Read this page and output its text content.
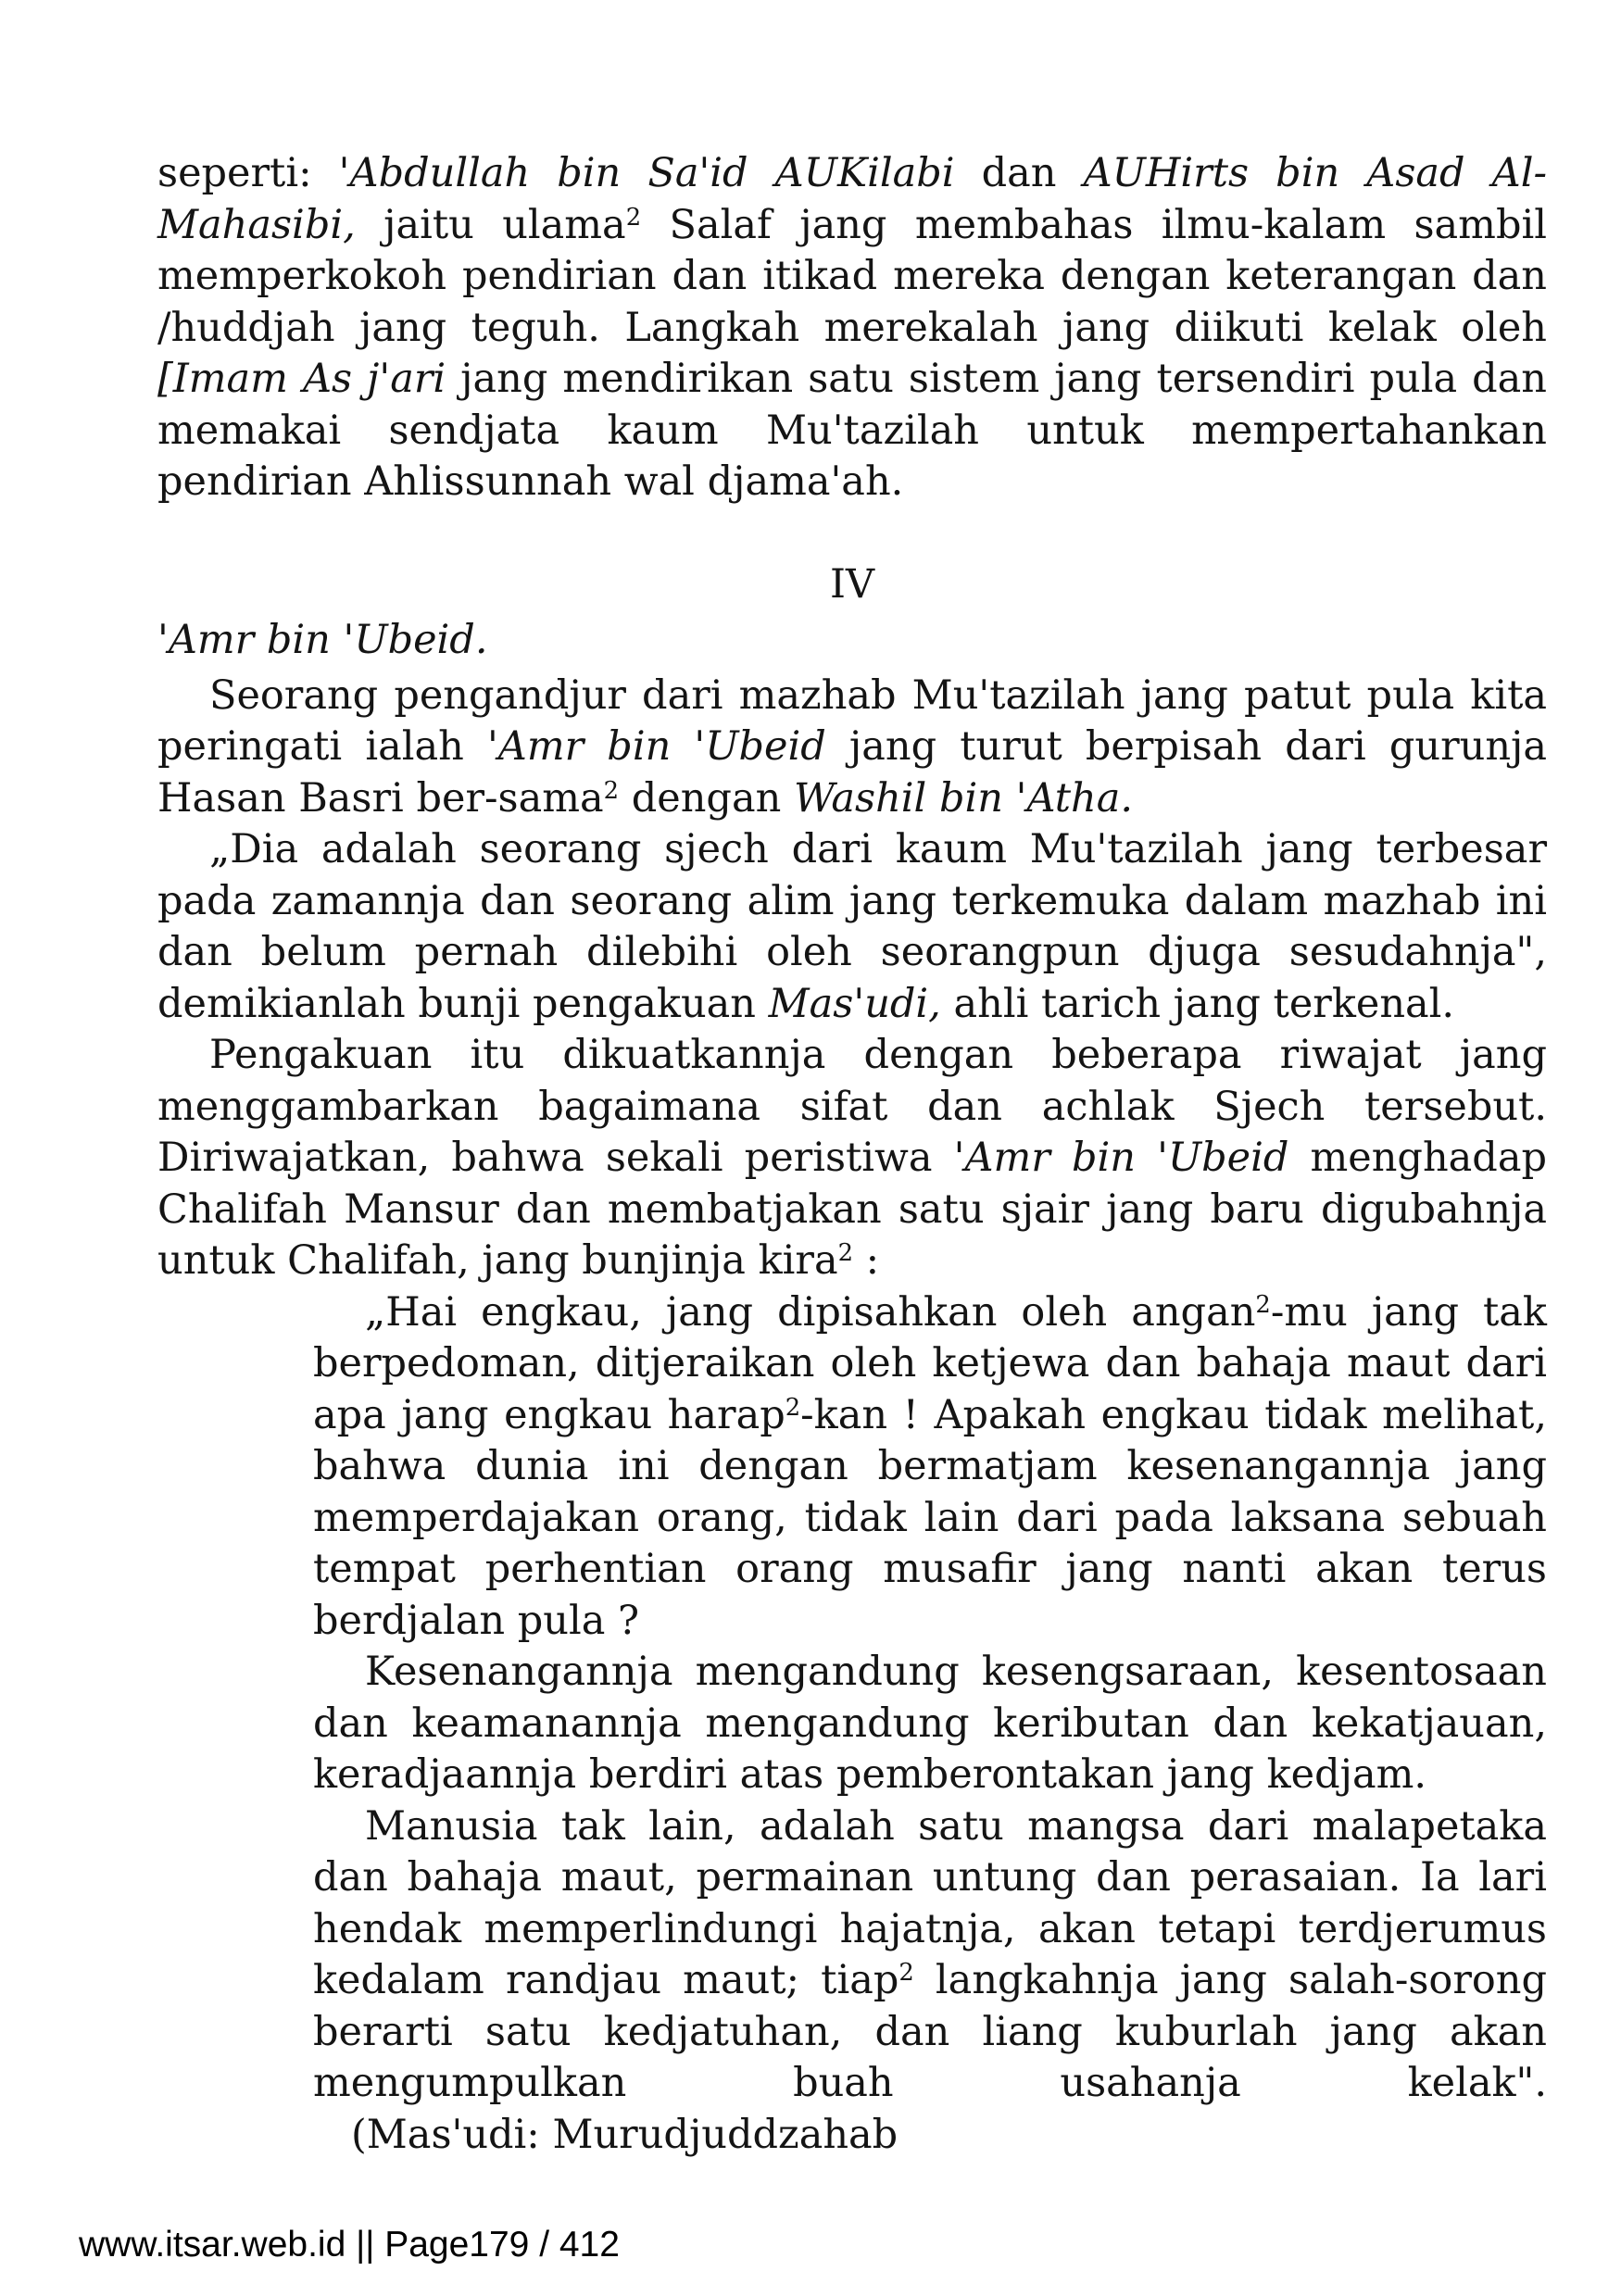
seperti: 'Abdullah bin Sa'id AUKilabi dan AUHirts bin Asad Al-Mahasibi, jaitu ulama$^2$ Salaf jang membahas ilmu-kalam sambil memperkokoh pendirian dan itikad mereka dengan keterangan dan /huddjah jang teguh. Langkah merekalah jang diikuti kelak oleh [Imam As j'ari jang mendirikan satu sistem jang tersendiri pula dan memakai sendjata kaum Mu'tazilah untuk mempertahankan pendirian Ahlissunnah wal djama'ah.

IV
'Amr bin 'Ubeid.

Seorang pengandjur dari mazhab Mu'tazilah jang patut pula kita peringati ialah 'Amr bin 'Ubeid jang turut berpisah dari gurunja Hasan Basri ber-sama$^2$ dengan Washil bin 'Atha.

„Dia adalah seorang sjech dari kaum Mu'tazilah jang terbesar pada zamannja dan seorang alim jang terkemuka dalam mazhab ini dan belum pernah dilebihi oleh seorangpun djuga sesudahnja", demikianlah bunji pengakuan Mas'udi, ahli tarich jang terkenal.

Pengakuan itu dikuatkannja dengan beberapa riwajat jang menggambarkan bagaimana sifat dan achlak Sjech tersebut. Diriwajatkan, bahwa sekali peristiwa 'Amr bin 'Ubeid menghadap Chalifah Mansur dan membatjakan satu sjair jang baru digubahnja untuk Chalifah, jang bunjinja kira$^2$ :

„Hai engkau, jang dipisahkan oleh angan$^2$-mu jang tak berpedoman, ditjeraikan oleh ketjewa dan bahaja maut dari apa jang engkau harap$^2$-kan ! Apakah engkau tidak melihat, bahwa dunia ini dengan bermatjam kesenangannja jang memperdajakan orang, tidak lain dari pada laksana sebuah tempat perhentian orang musafir jang nanti akan terus berdjalan pula ?

Kesenangannja mengandung kesengsaraan, kesentosaan dan keamanannja mengandung keributan dan kekatjauan, keradjaannja berdiri atas pemberontakan jang kedjam.

Manusia tak lain, adalah satu mangsa dari malapetaka dan bahaja maut, permainan untung dan perasaian. Ia lari hendak memperlindungi hajatnja, akan tetapi terdjerumus kedalam randjau maut; tiap$^2$ langkahnja jang salah-sorong berarti satu kedjatuhan, dan liang kuburlah jang akan mengumpulkan buah usahanja kelak".   (Mas'udi: Murudjuddzahab

www.itsar.web.id || Page179 / 412
